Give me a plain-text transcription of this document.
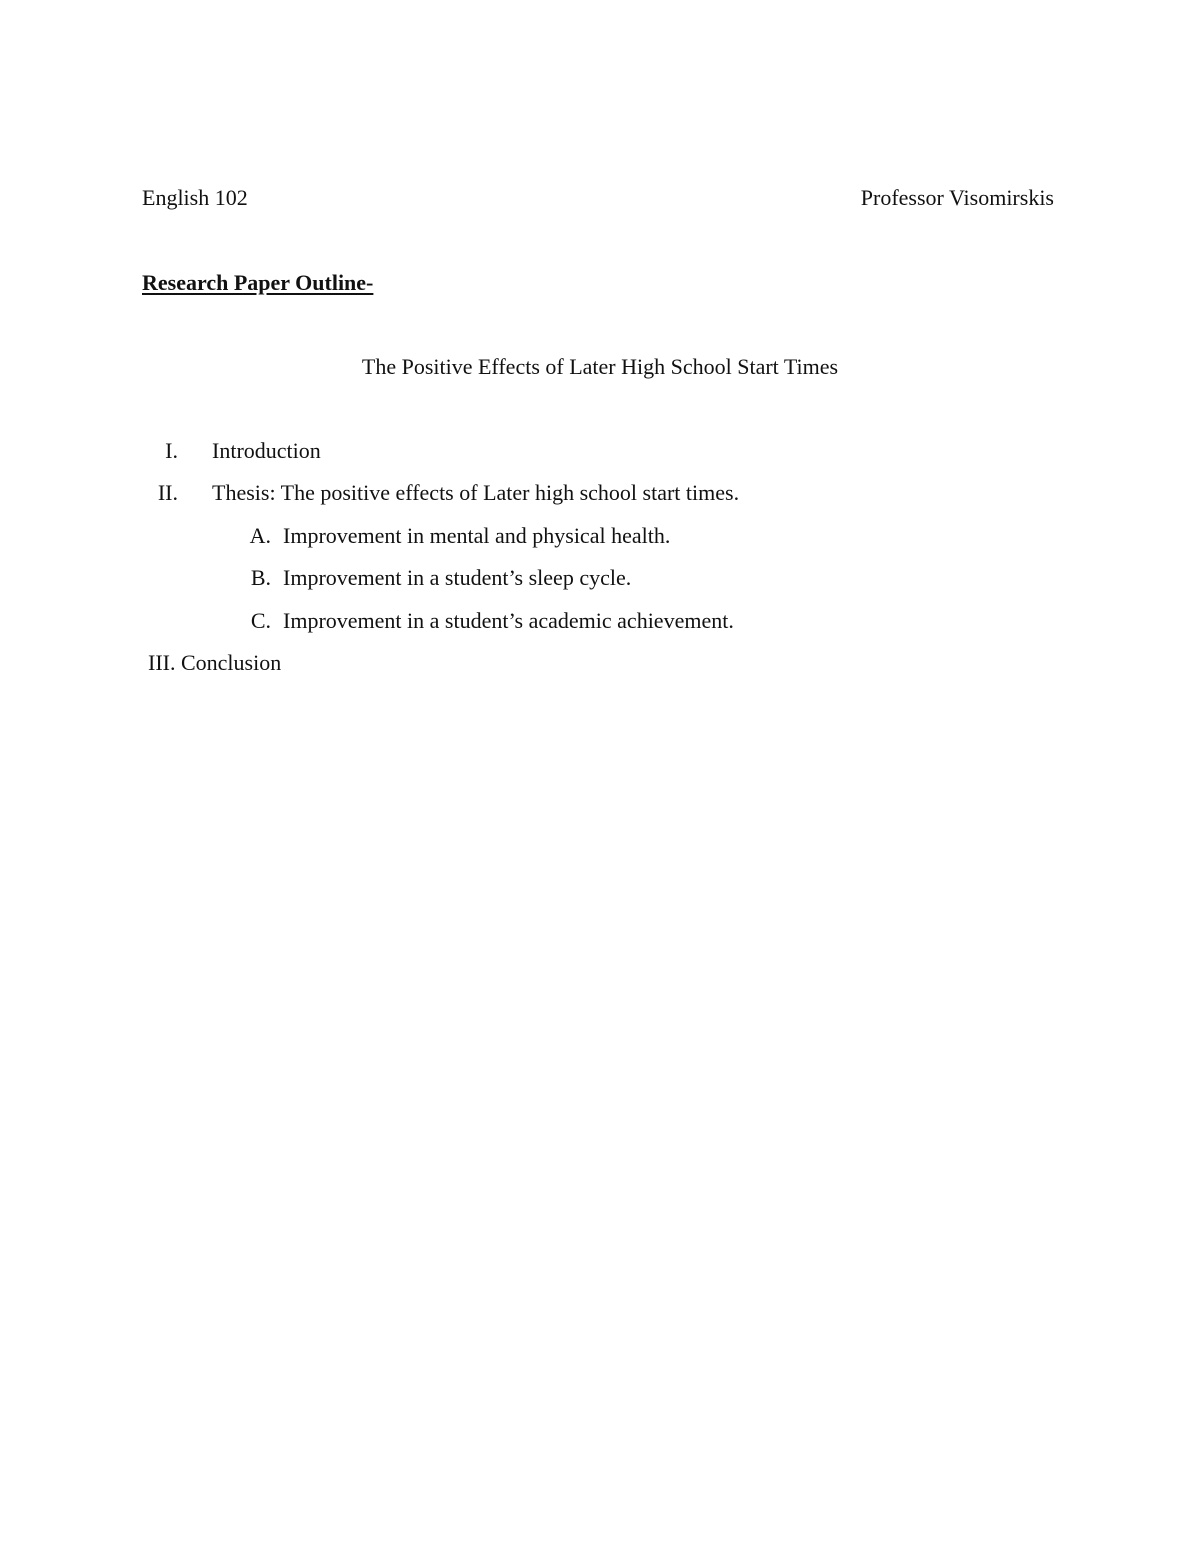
English 102	Professor Visomirskis
Research Paper Outline-
The Positive Effects of Later High School Start Times
I. Introduction
II. Thesis: The positive effects of Later high school start times.
A. Improvement in mental and physical health.
B. Improvement in a student’s sleep cycle.
C. Improvement in a student’s academic achievement.
III. Conclusion
